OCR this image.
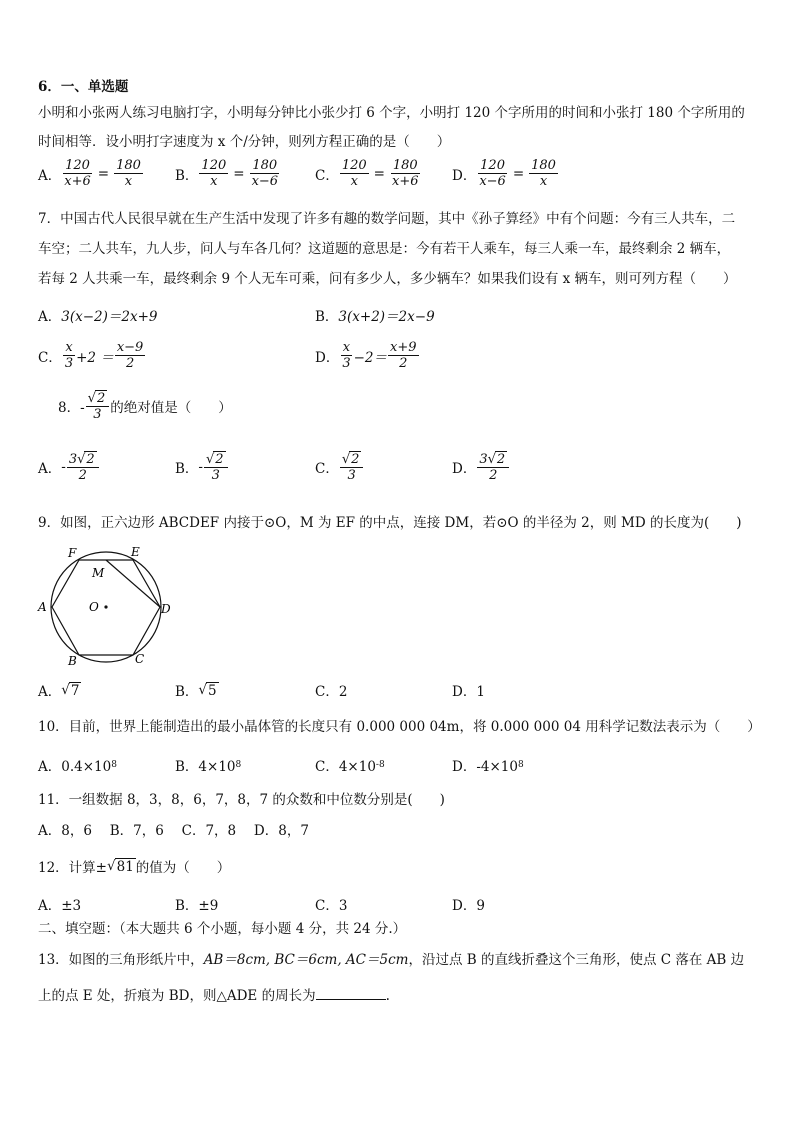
6．一、单选题
小明和小张两人练习电脑打字，小明每分钟比小张少打 6 个字，小明打 120 个字所用的时间和小张打 180 个字所用的
时间相等．设小明打字速度为 x 个/分钟，则列方程正确的是（　　）
A． $\frac{120}{x+6} = \frac{180}{x}$ B． $\frac{120}{x} = \frac{180}{x-6}$	C． $\frac{120}{x} = \frac{180}{x+6}$ D． $\frac{120}{x-6} = \frac{180}{x}$
7．中国古代人民很早就在生产生活中发现了许多有趣的数学问题，其中《孙子算经》中有个问题：今有三人共车，二
车空；二人共车，九人步，问人与车各几何？这道题的意思是：今有若干人乘车，每三人乘一车，最终剩余 2 辆车，
若每 2 人共乘一车，最终剩余 9 个人无车可乘，问有多少人，多少辆车？如果我们设有 x 辆车，则可列方程（　　）
A． 3(x−2)＝2x+9	B． 3(x+2)＝2x−9
C． $\frac{x}{3} +2 = \frac{x-9}{2}$	D． $\frac{x}{3} -2= \frac{x+9}{2}$
8．- $\frac{√2}{3}$ 的绝对值是（　　）
A． - $\frac{3√2}{2}$	B． - $\frac{√2}{3}$	C． $\frac{√2}{3}$	D． $\frac{3√2}{2}$
9．如图，正六边形 ABCDEF 内接于⊙O，M 为 EF 的中点，连接 DM，若⊙O 的半径为 2，则 MD 的长度为(　　)
A
B	C
D
E
F
M
O
A． √ 7	B． √ 5	C．2	D．1
10．目前，世界上能制造出的最小晶体管的长度只有 0.000 000 04m，将 0.000 000 04 用科学记数法表示为（　　）
A．0.4×10 8	B．4×10 8	C．4×10 -8	D．-4×10 8
11．一组数据 8，3，8，6，7，8，7 的众数和中位数分别是(　　)
A．8，6　 B．7，6　 C．7，8　 D．8，7
12．计算± √ 81 的值为（　　）
A．±3	B．±9	C．3	D．9
二、填空题：（本大题共 6 个小题，每小题 4 分，共 24 分.）
13．如图的三角形纸片中，AB＝8cm, BC＝6cm, AC＝5cm，沿过点 B 的直线折叠这个三角形，使点 C 落在 AB 边
上的点 E 处，折痕为 BD，则△ADE 的周长为	.
